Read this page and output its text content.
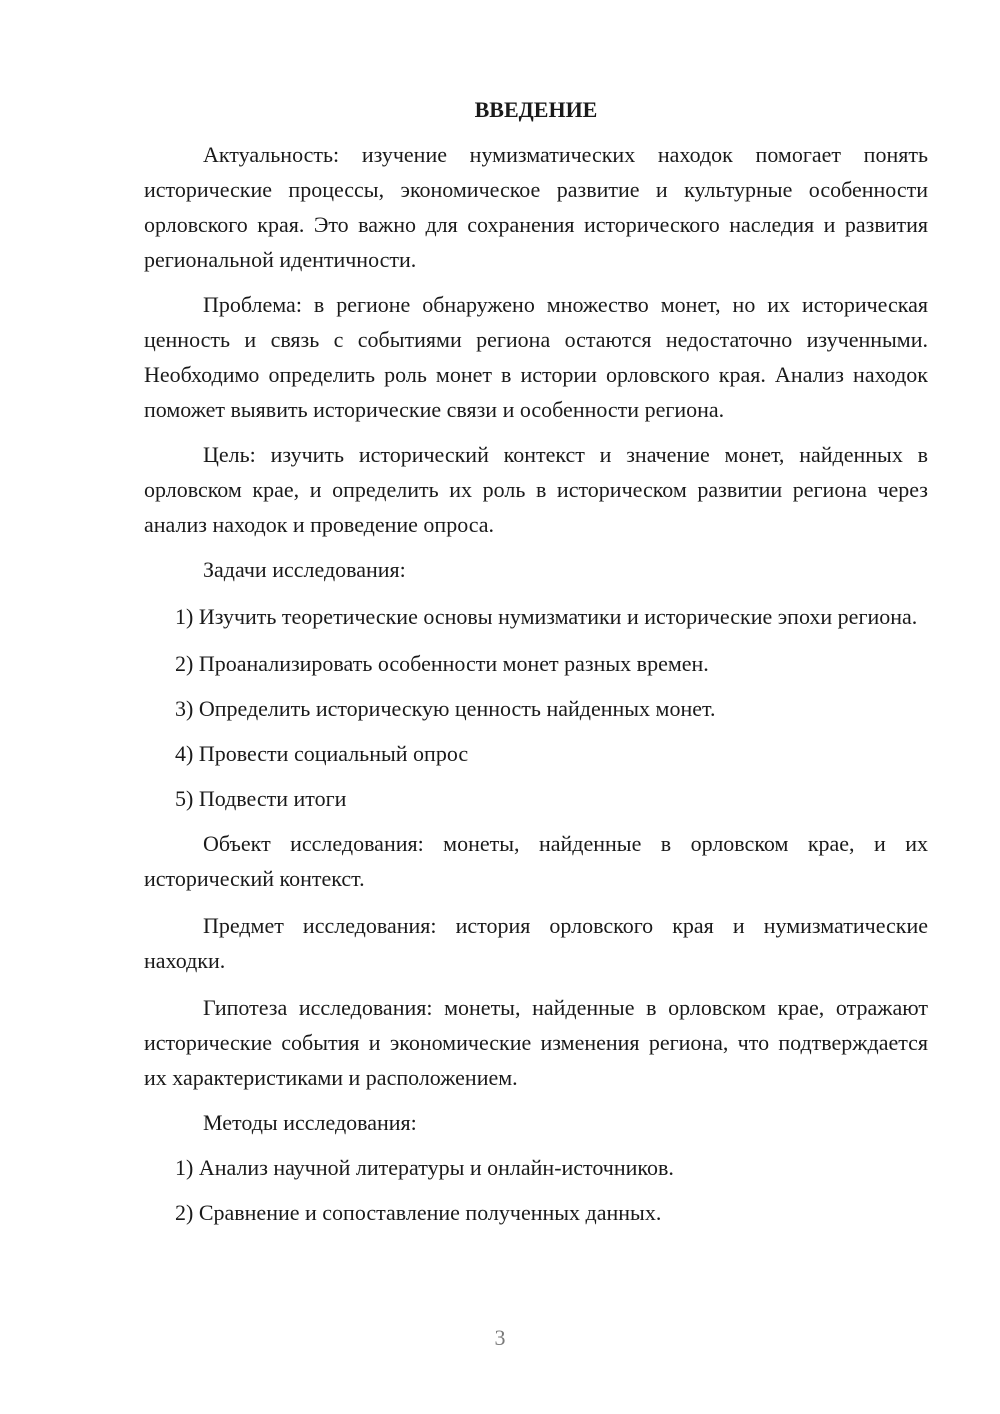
ВВЕДЕНИЕ

Актуальность: изучение нумизматических находок помогает понять исторические процессы, экономическое развитие и культурные особенности орловского края. Это важно для сохранения исторического наследия и развития региональной идентичности.

Проблема: в регионе обнаружено множество монет, но их историческая ценность и связь с событиями региона остаются недостаточно изученными. Необходимо определить роль монет в истории орловского края. Анализ находок поможет выявить исторические связи и особенности региона.

Цель: изучить исторический контекст и значение монет, найденных в орловском крае, и определить их роль в историческом развитии региона через анализ находок и проведение опроса.

Задачи исследования:

1) Изучить теоретические основы нумизматики и исторические эпохи региона.

2) Проанализировать особенности монет разных времен.

3) Определить историческую ценность найденных монет.

4) Провести социальный опрос

5) Подвести итоги

Объект исследования: монеты, найденные в орловском крае, и их исторический контекст.

Предмет исследования: история орловского края и нумизматические находки.

Гипотеза исследования: монеты, найденные в орловском крае, отражают исторические события и экономические изменения региона, что подтверждается их характеристиками и расположением.

Методы исследования:

1) Анализ научной литературы и онлайн-источников.

2) Сравнение и сопоставление полученных данных.

3
